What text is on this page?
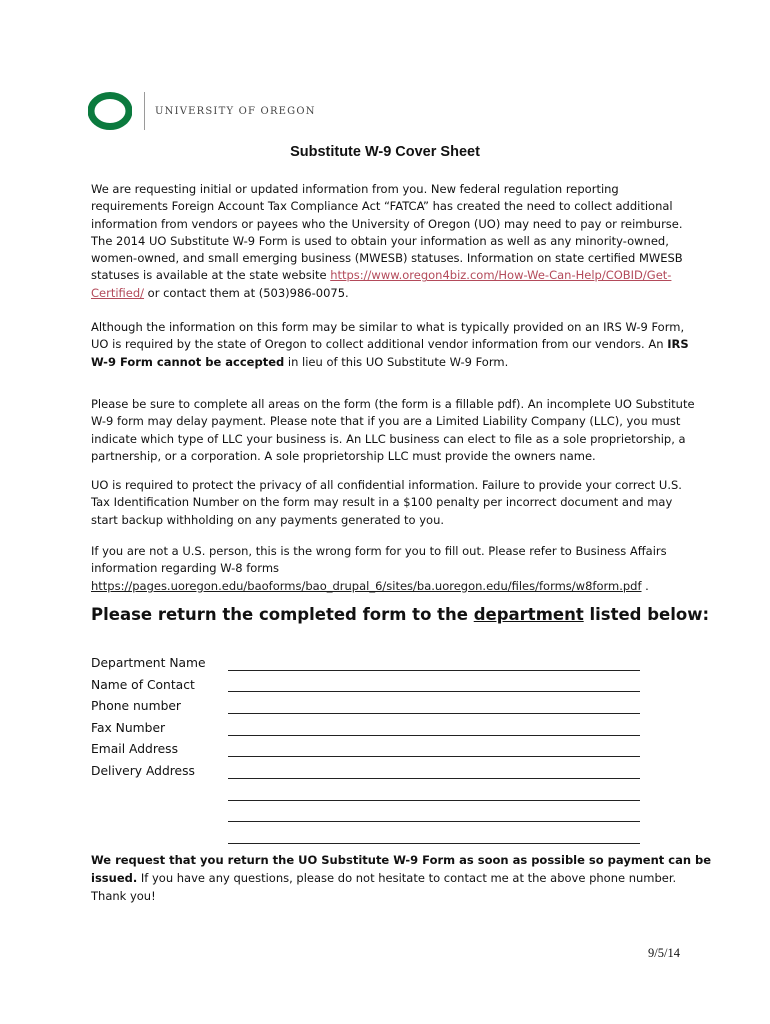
UNIVERSITY OF OREGON
Substitute W-9 Cover Sheet
We are requesting initial or updated information from you. New federal regulation reporting
requirements Foreign Account Tax Compliance Act “FATCA” has created the need to collect additional
information from vendors or payees who the University of Oregon (UO) may need to pay or reimburse.
The 2014 UO Substitute W-9 Form is used to obtain your information as well as any minority-owned,
women-owned, and small emerging business (MWESB) statuses. Information on state certified MWESB
statuses is available at the state website https://www.oregon4biz.com/How-We-Can-Help/COBID/Get-
Certified/ or contact them at (503)986-0075.
Although the information on this form may be similar to what is typically provided on an IRS W-9 Form,
UO is required by the state of Oregon to collect additional vendor information from our vendors. An IRS
W-9 Form cannot be accepted in lieu of this UO Substitute W-9 Form.
Please be sure to complete all areas on the form (the form is a fillable pdf). An incomplete UO Substitute
W-9 form may delay payment. Please note that if you are a Limited Liability Company (LLC), you must
indicate which type of LLC your business is. An LLC business can elect to file as a sole proprietorship, a
partnership, or a corporation. A sole proprietorship LLC must provide the owners name.
UO is required to protect the privacy of all confidential information. Failure to provide your correct U.S.
Tax Identification Number on the form may result in a $100 penalty per incorrect document and may
start backup withholding on any payments generated to you.
If you are not a U.S. person, this is the wrong form for you to fill out. Please refer to Business Affairs
information regarding W-8 forms
https://pages.uoregon.edu/baoforms/bao_drupal_6/sites/ba.uoregon.edu/files/forms/w8form.pdf .
Please return the completed form to the department listed below:
Department Name
Name of Contact
Phone number
Fax Number
Email Address
Delivery Address
We request that you return the UO Substitute W-9 Form as soon as possible so payment can be
issued. If you have any questions, please do not hesitate to contact me at the above phone number.
Thank you!
9/5/14
